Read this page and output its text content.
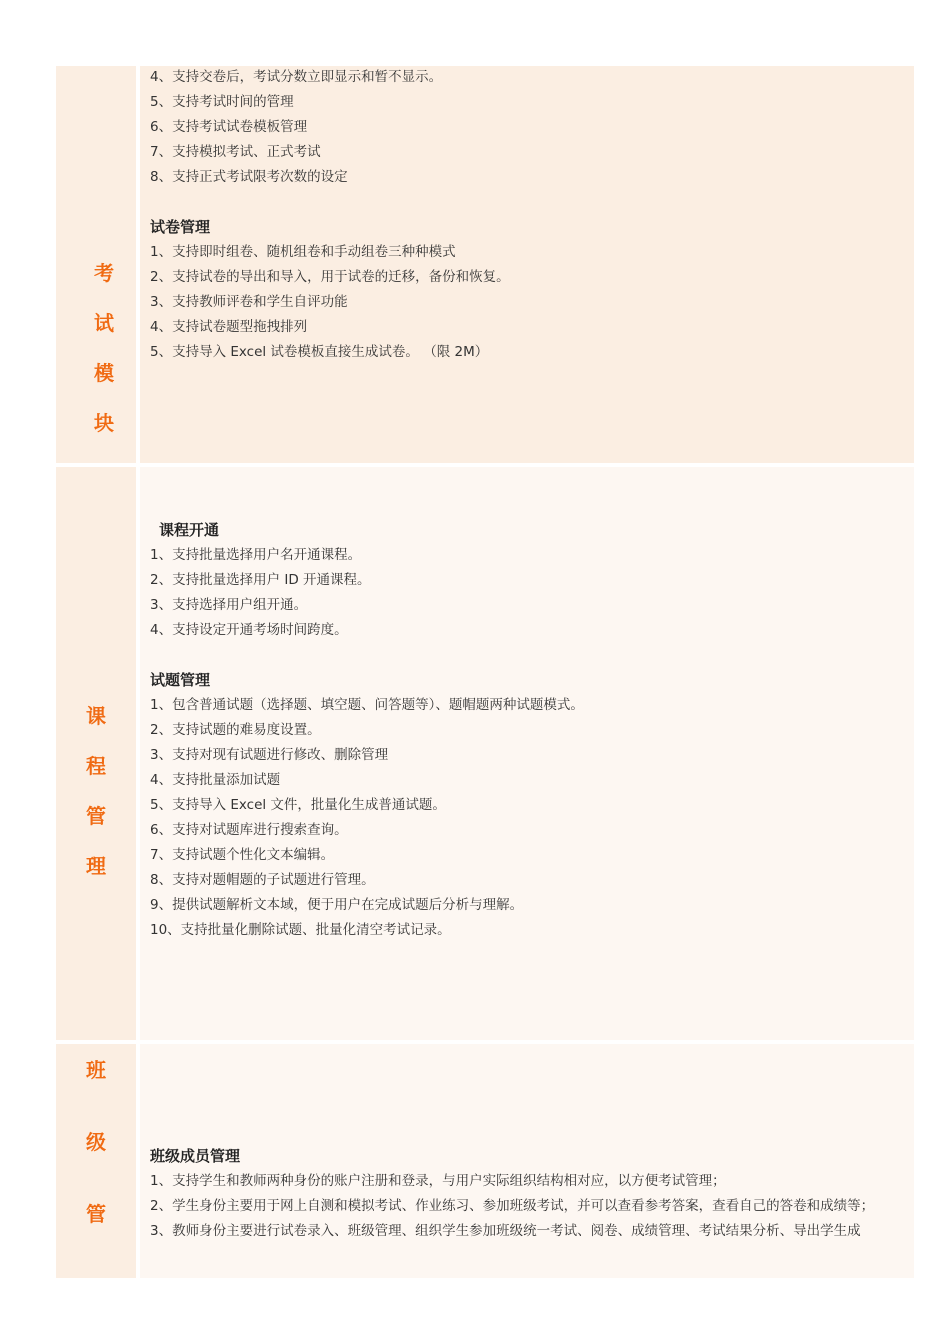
考
试
模
块
4、支持交卷后，考试分数立即显示和暂不显示。
5、支持考试时间的管理
6、支持考试试卷模板管理
7、支持模拟考试、正式考试
8、支持正式考试限考次数的设定
试卷管理
1、支持即时组卷、随机组卷和手动组卷三种种模式
2、支持试卷的导出和导入，用于试卷的迁移，备份和恢复。
3、支持教师评卷和学生自评功能
4、支持试卷题型拖拽排列
5、支持导入 Excel 试卷模板直接生成试卷。 （限 2M）
课
程
管
理
课程开通
1、支持批量选择用户名开通课程。
2、支持批量选择用户 ID 开通课程。
3、支持选择用户组开通。
4、支持设定开通考场时间跨度。
试题管理
1、包含普通试题（选择题、填空题、问答题等）、题帽题两种试题模式。
2、支持试题的难易度设置。
3、支持对现有试题进行修改、删除管理
4、支持批量添加试题
5、支持导入 Excel 文件，批量化生成普通试题。
6、支持对试题库进行搜索查询。
7、支持试题个性化文本编辑。
8、支持对题帽题的子试题进行管理。
9、提供试题解析文本域，便于用户在完成试题后分析与理解。
10、支持批量化删除试题、批量化清空考试记录。
班
级
管
班级成员管理
1、支持学生和教师两种身份的账户注册和登录，与用户实际组织结构相对应，以方便考试管理；
2、学生身份主要用于网上自测和模拟考试、作业练习、参加班级考试，并可以查看参考答案，查看自己的答卷和成绩等；
3、教师身份主要进行试卷录入、班级管理、组织学生参加班级统一考试、阅卷、成绩管理、考试结果分析、导出学生成
